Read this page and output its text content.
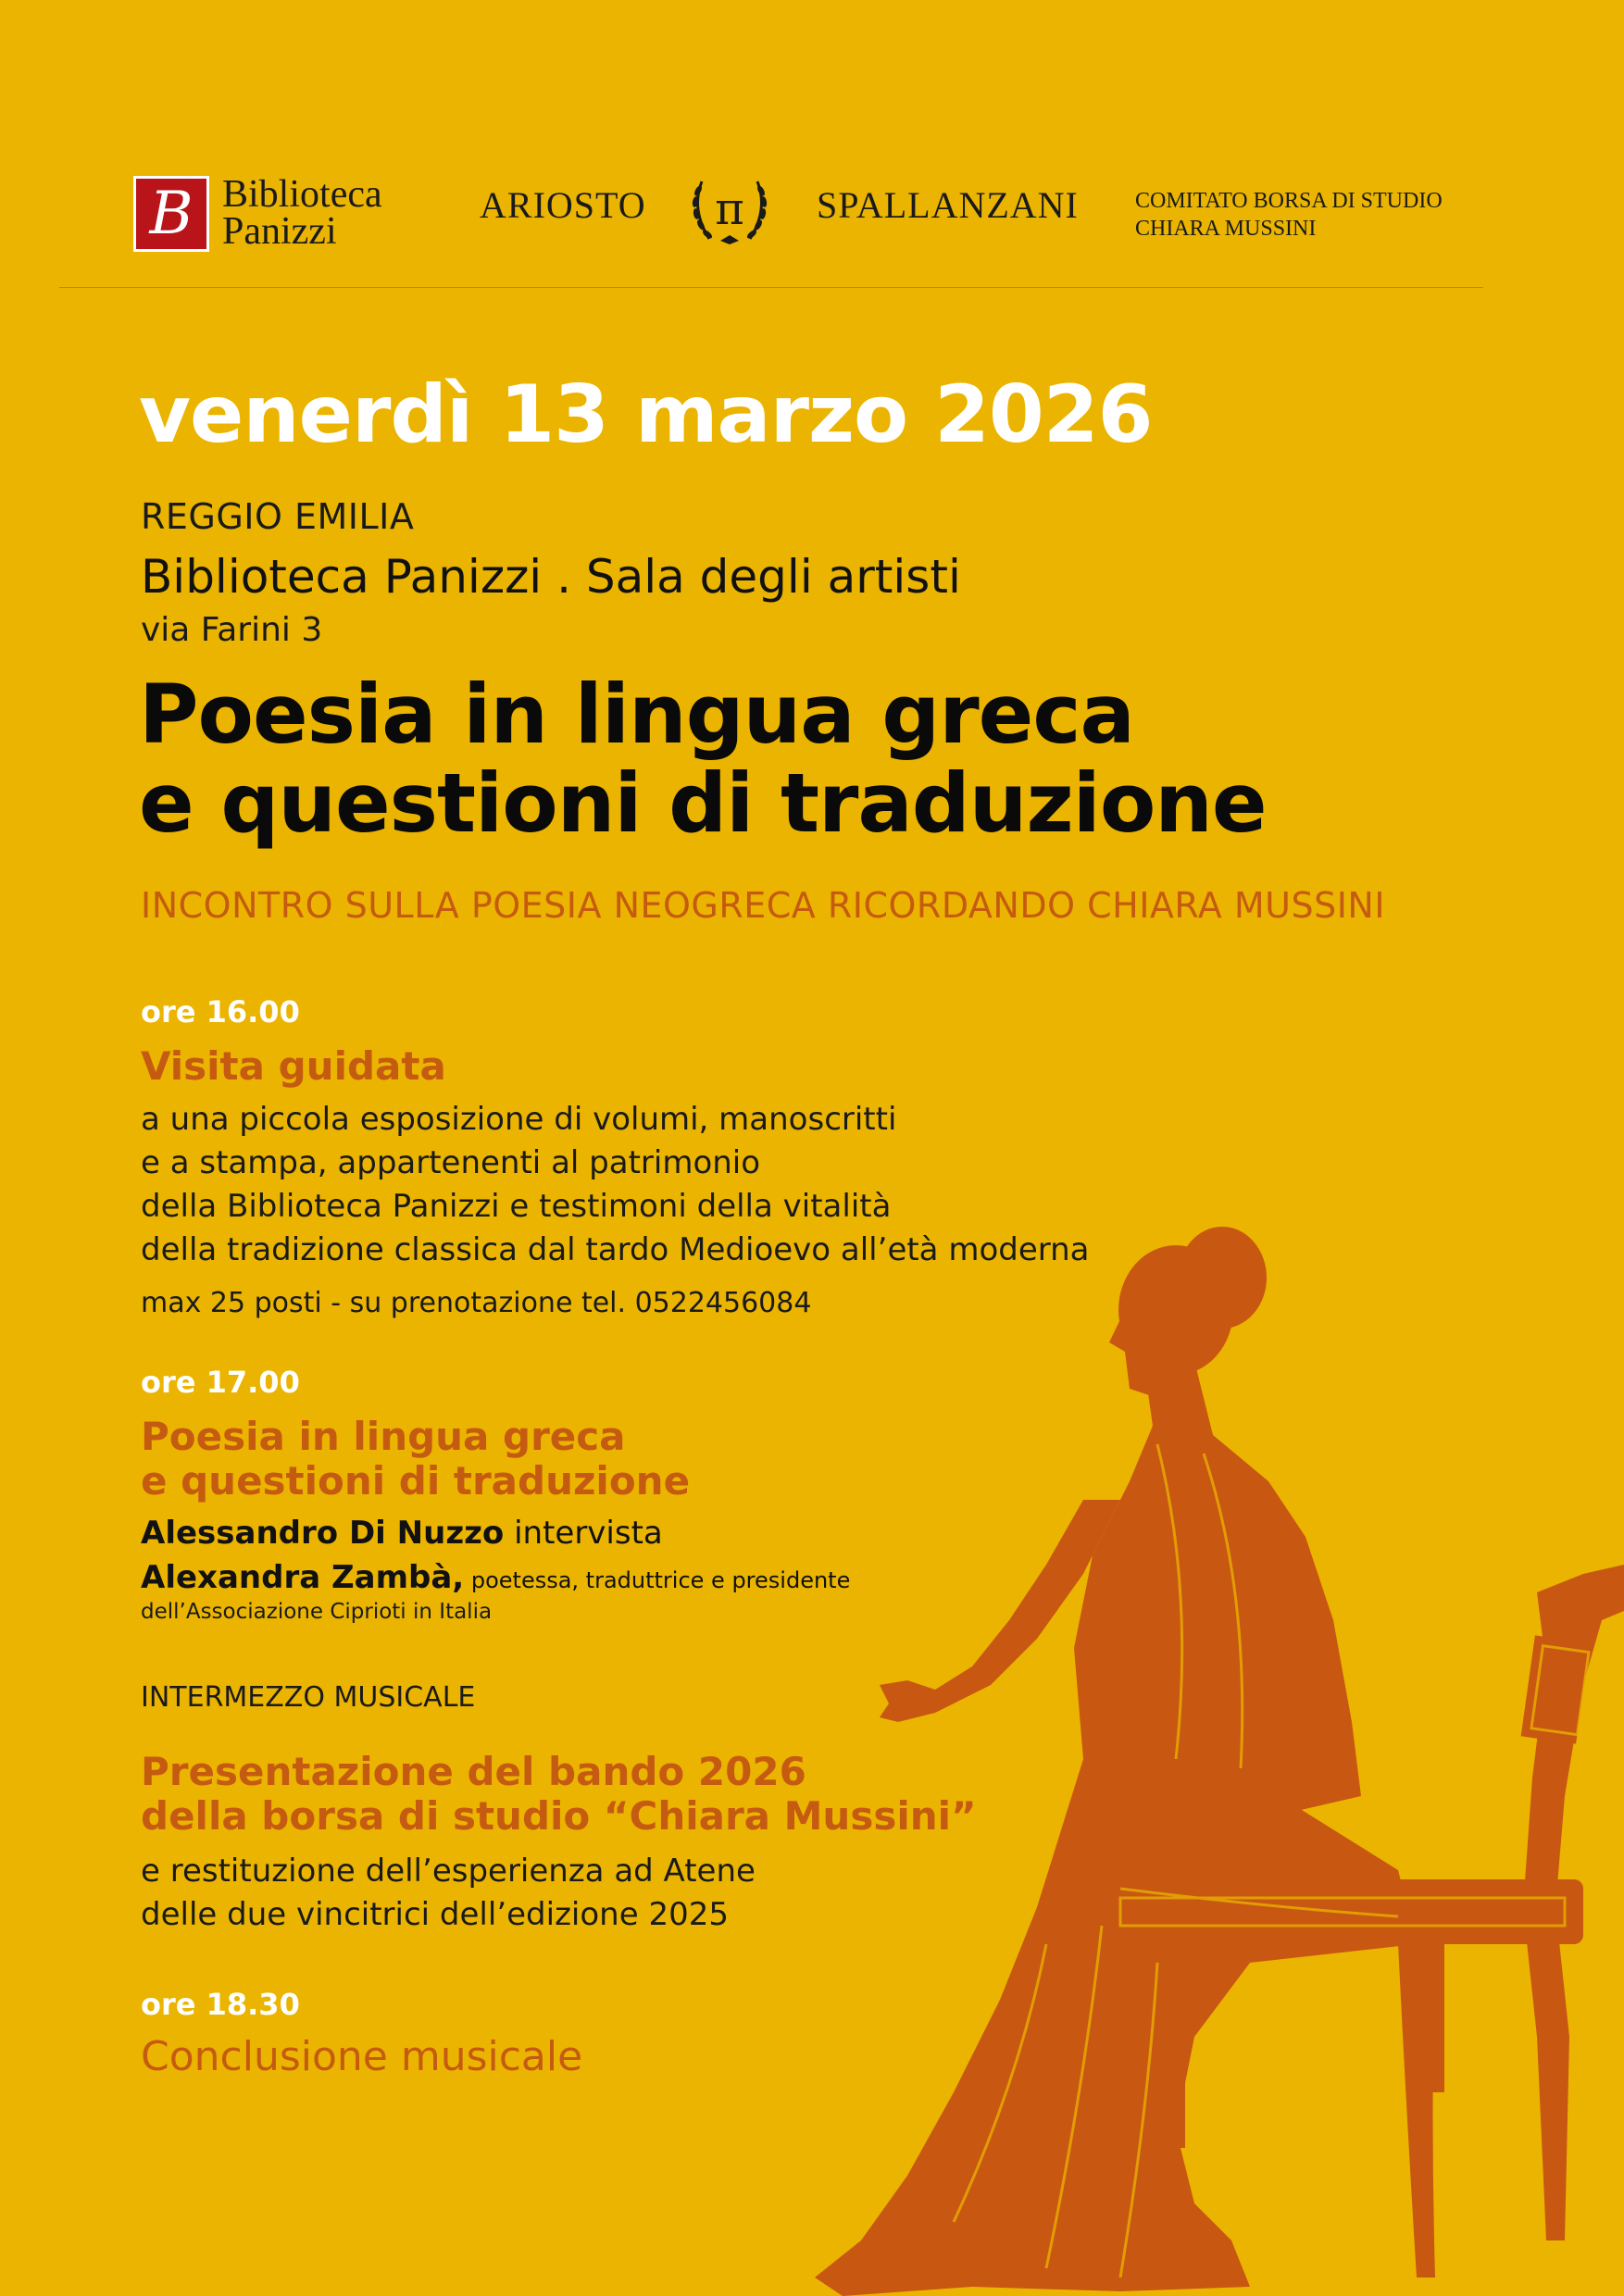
B Biblioteca
Panizzi
ARIOSTO π SPALLANZANI	COMITATO BORSA DI STUDIO
CHIARA MUSSINI
venerdì 13 marzo 2026
REGGIO EMILIA
Biblioteca Panizzi . Sala degli artisti
via Farini 3
Poesia in lingua greca
e questioni di traduzione
INCONTRO SULLA POESIA NEOGRECA RICORDANDO CHIARA MUSSINI
ore 16.00
Visita guidata
a una piccola esposizione di volumi, manoscritti
e a stampa, appartenenti al patrimonio
della Biblioteca Panizzi e testimoni della vitalità
della tradizione classica dal tardo Medioevo all’età moderna
max 25 posti - su prenotazione tel. 0522456084
ore 17.00
Poesia in lingua greca
e questioni di traduzione
Alessandro Di Nuzzo intervista
Alexandra Zambà, poetessa, traduttrice e presidente
dell’Associazione Ciprioti in Italia
INTERMEZZO MUSICALE
Presentazione del bando 2026
della borsa di studio “Chiara Mussini”
e restituzione dell’esperienza ad Atene
delle due vincitrici dell’edizione 2025
ore 18.30
Conclusione musicale
